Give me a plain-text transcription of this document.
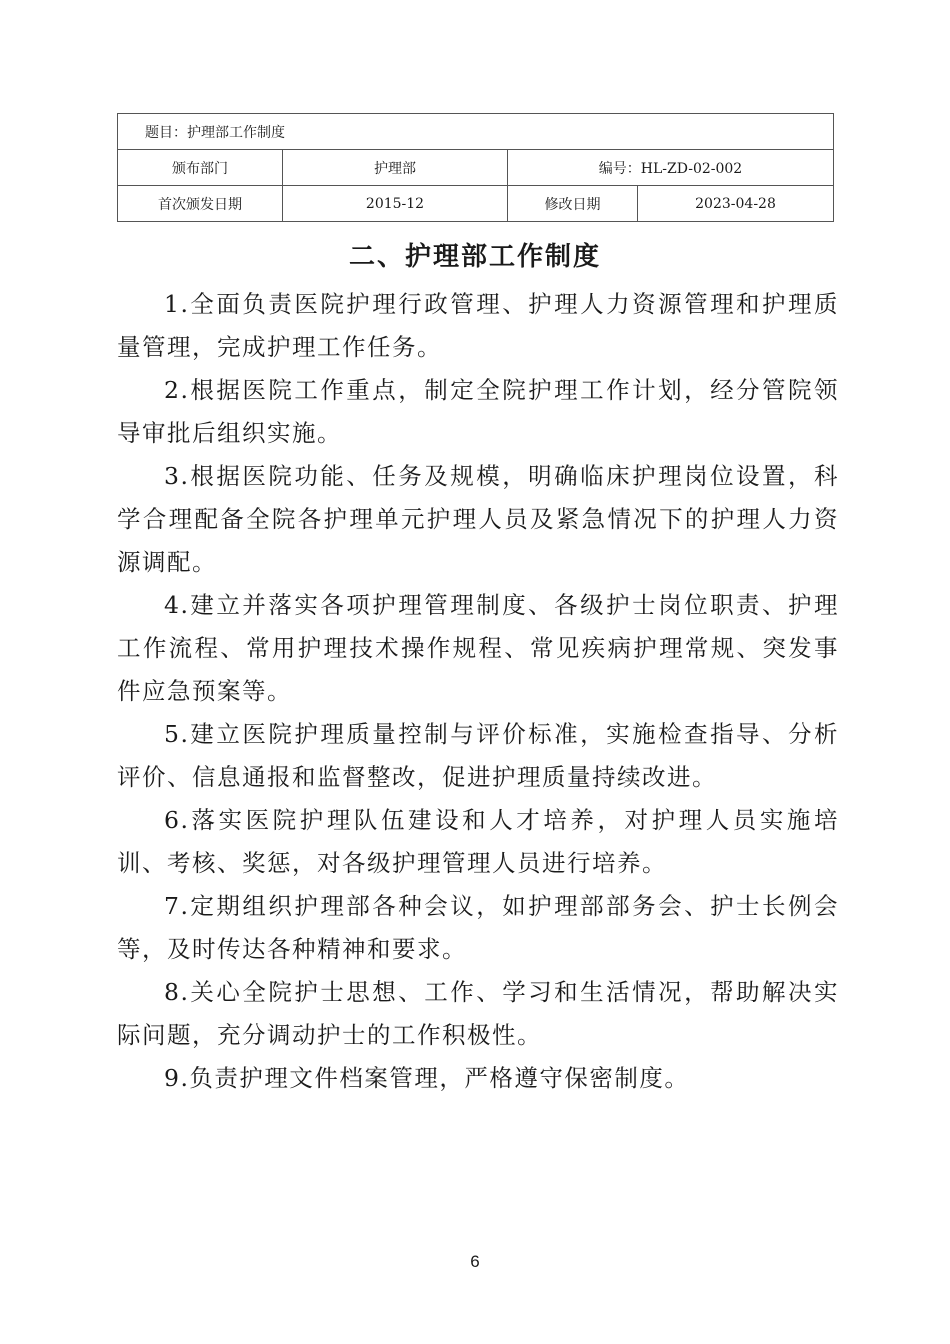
题目：护理部工作制度			
颁布部门	护理部	编号：HL-ZD-02-002	
首次颁发日期	2015-12	修改日期	2023-04-28
二、护理部工作制度

1.全面负责医院护理行政管理、护理人力资源管理和护理质量管理，完成护理工作任务。

2.根据医院工作重点，制定全院护理工作计划，经分管院领导审批后组织实施。

3.根据医院功能、任务及规模，明确临床护理岗位设置，科学合理配备全院各护理单元护理人员及紧急情况下的护理人力资源调配。

4.建立并落实各项护理管理制度、各级护士岗位职责、护理工作流程、常用护理技术操作规程、常见疾病护理常规、突发事件应急预案等。

5.建立医院护理质量控制与评价标准，实施检查指导、分析评价、信息通报和监督整改，促进护理质量持续改进。

6.落实医院护理队伍建设和人才培养，对护理人员实施培训、考核、奖惩，对各级护理管理人员进行培养。

7.定期组织护理部各种会议，如护理部部务会、护士长例会等，及时传达各种精神和要求。

8.关心全院护士思想、工作、学习和生活情况，帮助解决实际问题，充分调动护士的工作积极性。

9.负责护理文件档案管理，严格遵守保密制度。

6
